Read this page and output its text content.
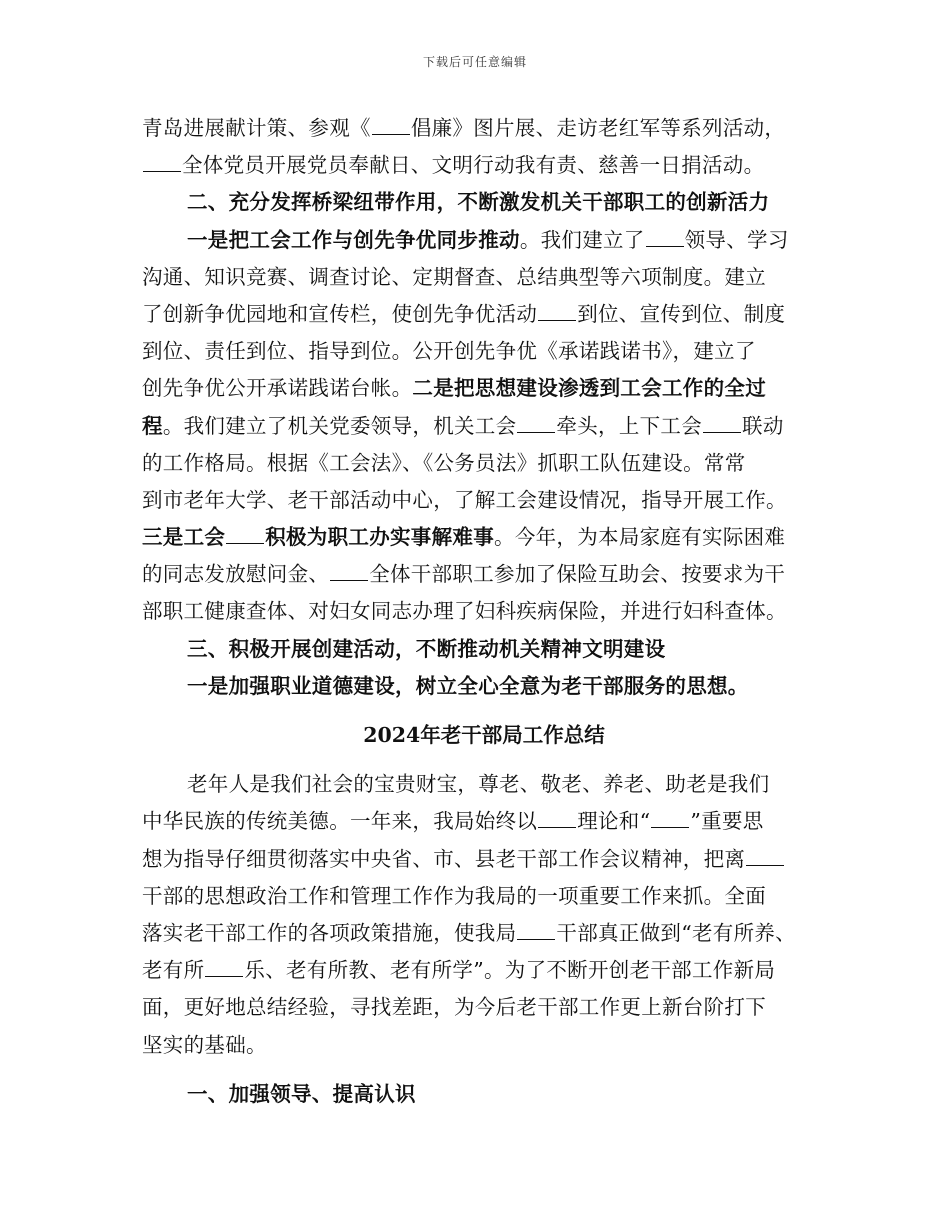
下载后可任意编辑
青岛进展献计策、参观《 倡廉》图片展、走访老红军等系列活动，
全体党员开展党员奉献日、文明行动我有责、慈善一日捐活动。
二、充分发挥桥梁纽带作用，不断激发机关干部职工的创新活力
一是把工会工作与创先争优同步推动。我们建立了 领导、学习
沟通、知识竞赛、调查讨论、定期督查、总结典型等六项制度。建立
了创新争优园地和宣传栏，使创先争优活动 到位、宣传到位、制度
到位、责任到位、指导到位。公开创先争优《承诺践诺书》，建立了
创先争优公开承诺践诺台帐。二是把思想建设渗透到工会工作的全过
程。我们建立了机关党委领导，机关工会 牵头，上下工会 联动
的工作格局。根据《工会法》、《公务员法》抓职工队伍建设。常常
到市老年大学、老干部活动中心，了解工会建设情况，指导开展工作。
三是工会 积极为职工办实事解难事。今年，为本局家庭有实际困难
的同志发放慰问金、 全体干部职工参加了保险互助会、按要求为干
部职工健康查体、对妇女同志办理了妇科疾病保险，并进行妇科查体。
三、积极开展创建活动，不断推动机关精神文明建设
一是加强职业道德建设，树立全心全意为老干部服务的思想。
2024年老干部局工作总结
老年人是我们社会的宝贵财宝，尊老、敬老、养老、助老是我们
中华民族的传统美德。一年来，我局始终以 理论和“ ”重要思
想为指导仔细贯彻落实中央省、市、县老干部工作会议精神，把离
干部的思想政治工作和管理工作作为我局的一项重要工作来抓。全面
落实老干部工作的各项政策措施，使我局 干部真正做到“老有所养、
老有所 乐、老有所教、老有所学”。为了不断开创老干部工作新局
面，更好地总结经验，寻找差距，为今后老干部工作更上新台阶打下
坚实的基础。
一、加强领导、提高认识
